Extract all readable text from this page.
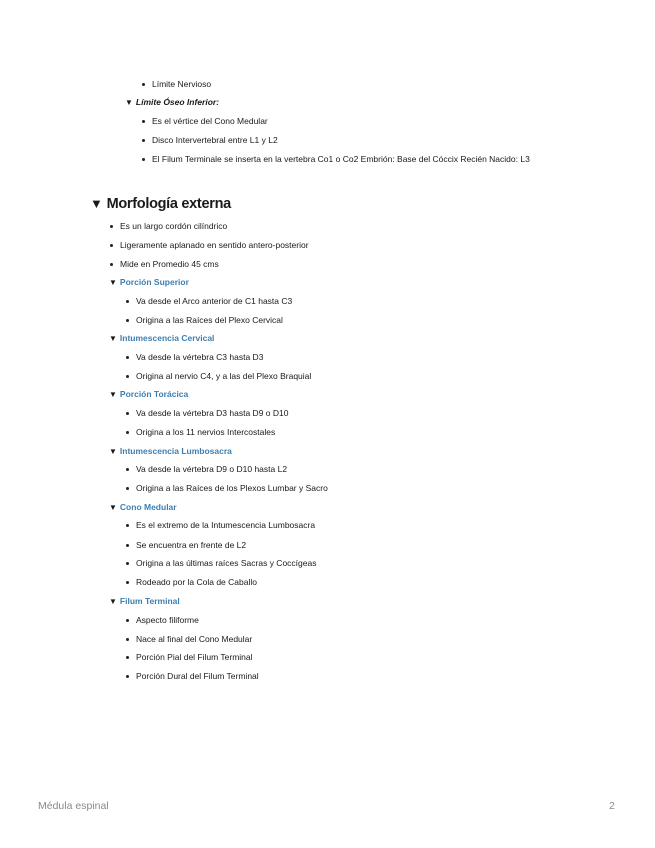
Límite Nervioso
▼ Límite Óseo Inferior:
Es el vértice del Cono Medular
Disco Intervertebral entre L1 y L2
El Filum Terminale se inserta en la vertebra Co1 o Co2 Embrión: Base del Cóccix Recién Nacido: L3
▼ Morfología externa
Es un largo cordón cilíndrico
Ligeramente aplanado en sentido antero-posterior
Mide en Promedio 45 cms
▼ Porción Superior
Va desde el Arco anterior de C1 hasta C3
Origina a las Raíces del Plexo Cervical
▼ Intumescencia Cervical
Va desde la vértebra C3 hasta D3
Origina al nervio C4, y a las del Plexo Braquial
▼ Porción Torácica
Va desde la vértebra D3 hasta D9 o D10
Origina a los 11 nervios Intercostales
▼ Intumescencia Lumbosacra
Va desde la vértebra D9 o D10 hasta L2
Origina a las Raíces de los Plexos Lumbar y Sacro
▼ Cono Medular
Es el extremo de la Intumescencia Lumbosacra
Se encuentra en frente de L2
Origina a las últimas raíces Sacras y Coccígeas
Rodeado por la Cola de Caballo
▼ Filum Terminal
Aspecto filiforme
Nace al final del Cono Medular
Porción Pial del Filum Terminal
Porción Dural del Filum Terminal
Médula espinal	2
